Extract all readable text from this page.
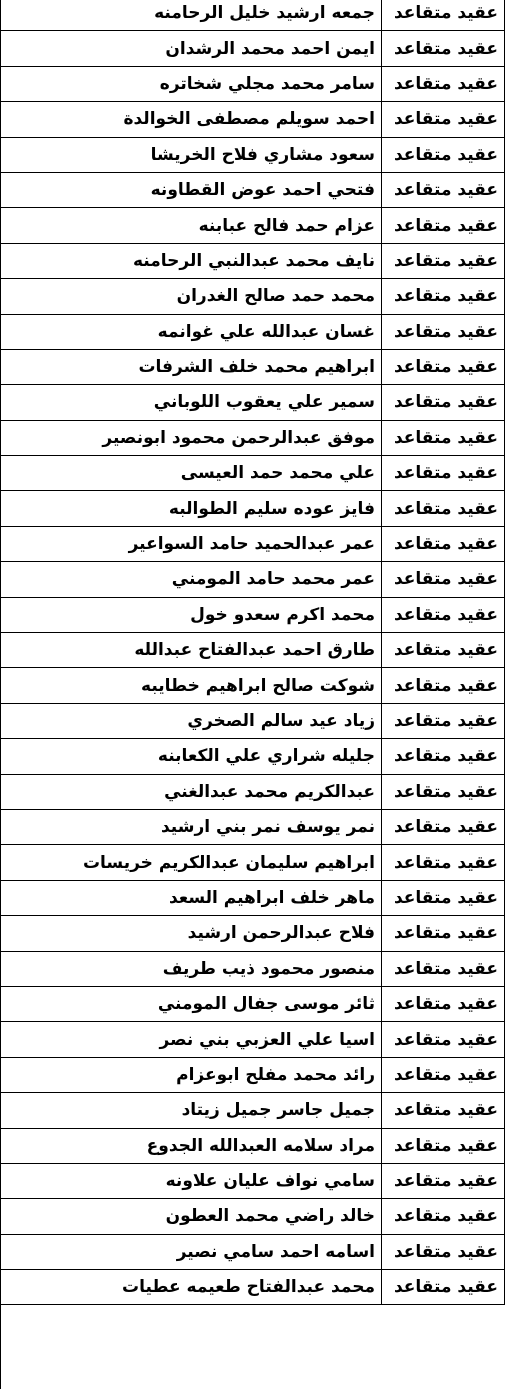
عقيد متقاعد	جمعه ارشيد خليل الرحامنه
عقيد متقاعد	ايمن احمد محمد الرشدان
عقيد متقاعد	سامر محمد مجلي شخاتره
عقيد متقاعد	احمد سويلم مصطفى الخوالدة
عقيد متقاعد	سعود مشاري فلاح الخريشا
عقيد متقاعد	فتحي احمد عوض القطاونه
عقيد متقاعد	عزام حمد فالح عبابنه
عقيد متقاعد	نايف محمد عبدالنبي الرحامنه
عقيد متقاعد	محمد حمد صالح الغدران
عقيد متقاعد	غسان عبدالله علي غوانمه
عقيد متقاعد	ابراهيم محمد خلف الشرفات
عقيد متقاعد	سمير علي يعقوب اللوباني
عقيد متقاعد	موفق عبدالرحمن محمود ابونصير
عقيد متقاعد	علي محمد حمد العيسى
عقيد متقاعد	فايز عوده سليم الطوالبه
عقيد متقاعد	عمر عبدالحميد حامد السواعير
عقيد متقاعد	عمر محمد حامد المومني
عقيد متقاعد	محمد اكرم سعدو خول
عقيد متقاعد	طارق احمد عبدالفتاح عبدالله
عقيد متقاعد	شوكت صالح ابراهيم خطايبه
عقيد متقاعد	زياد عيد سالم الصخري
عقيد متقاعد	جليله شراري علي الكعابنه
عقيد متقاعد	عبدالكريم محمد عبدالغني
عقيد متقاعد	نمر يوسف نمر بني ارشيد
عقيد متقاعد	ابراهيم سليمان عبدالكريم خريسات
عقيد متقاعد	ماهر خلف ابراهيم السعد
عقيد متقاعد	فلاح عبدالرحمن ارشيد
عقيد متقاعد	منصور محمود ذيب طريف
عقيد متقاعد	ثائر موسى جفال المومني
عقيد متقاعد	اسيا علي العزبي بني نصر
عقيد متقاعد	رائد محمد مفلح ابوعزام
عقيد متقاعد	جميل جاسر جميل زيتاد
عقيد متقاعد	مراد سلامه العبدالله الجدوع
عقيد متقاعد	سامي نواف عليان علاونه
عقيد متقاعد	خالد راضي محمد العطون
عقيد متقاعد	اسامه احمد سامي نصير
عقيد متقاعد	محمد عبدالفتاح طعيمه عطيات
